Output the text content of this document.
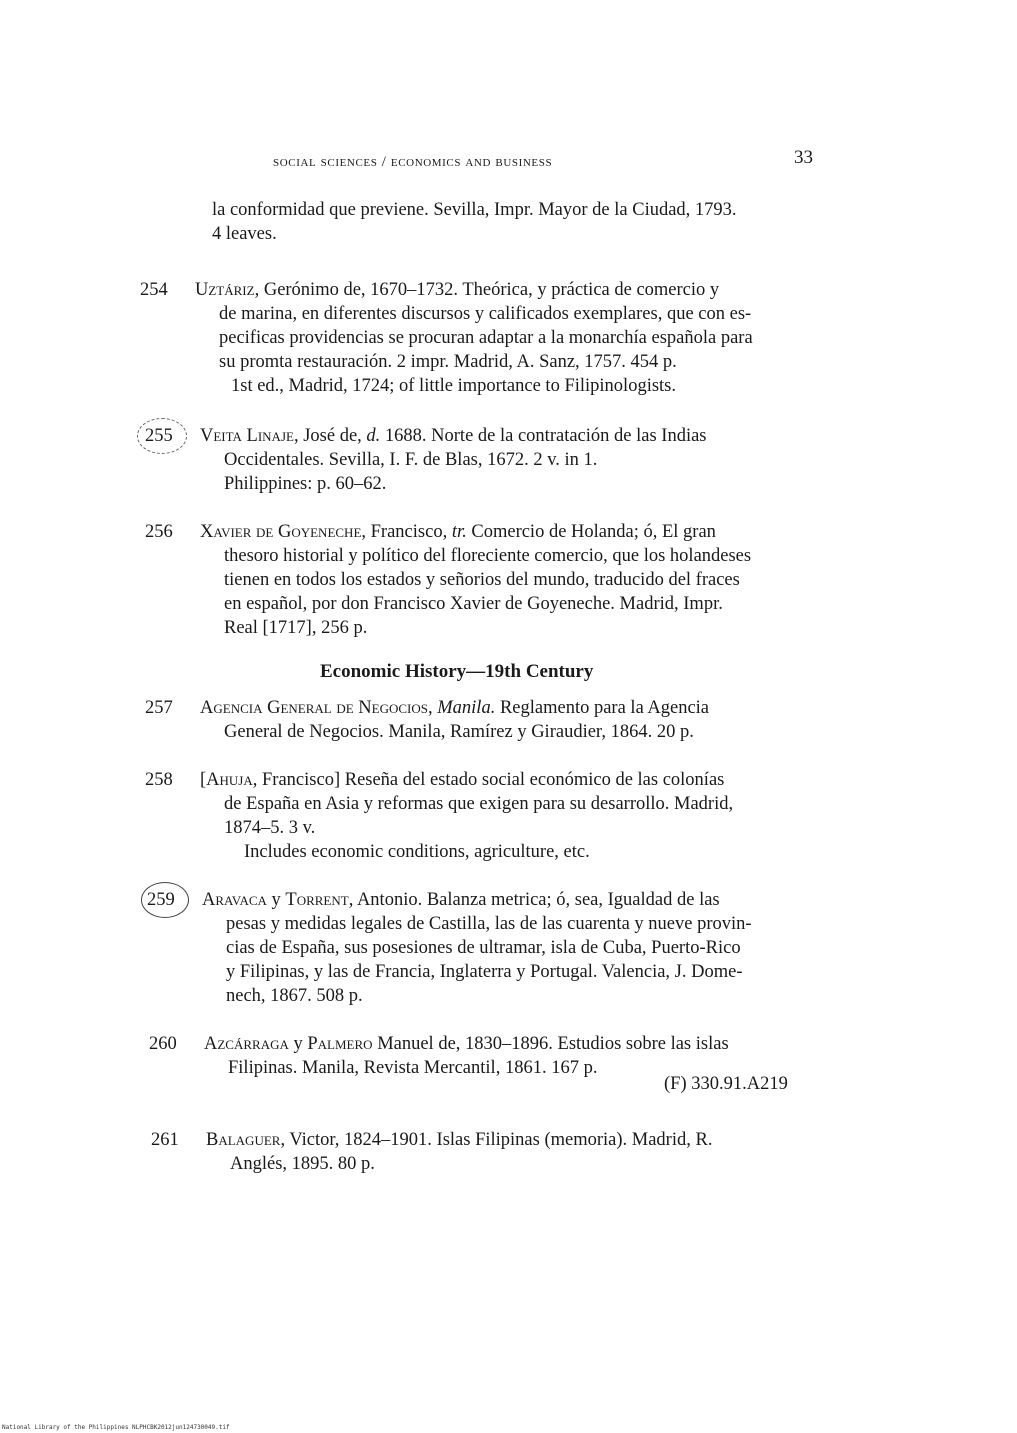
social sciences / economics and business	33
la conformidad que previene. Sevilla, Impr. Mayor de la Ciudad, 1793.
4 leaves.
254 Uztáriz, Gerónimo de, 1670–1732. Theórica, y práctica de comercio y
de marina, en diferentes discursos y calificados exemplares, que con es-
pecificas providencias se procuran adaptar a la monarchía española para
su promta restauración. 2 impr. Madrid, A. Sanz, 1757. 454 p.
1st ed., Madrid, 1724; of little importance to Filipinologists.
255 Veita Linaje, José de, d. 1688. Norte de la contratación de las Indias
Occidentales. Sevilla, I. F. de Blas, 1672. 2 v. in 1.
Philippines: p. 60–62.
256 Xavier de Goyeneche, Francisco, tr. Comercio de Holanda; ó, El gran
thesoro historial y político del floreciente comercio, que los holandeses
tienen en todos los estados y señorios del mundo, traducido del fraces
en español, por don Francisco Xavier de Goyeneche. Madrid, Impr.
Real [1717], 256 p.
Economic History—19th Century
257 Agencia General de Negocios, Manila. Reglamento para la Agencia
General de Negocios. Manila, Ramírez y Giraudier, 1864. 20 p.
258 [Ahuja, Francisco] Reseña del estado social económico de las colonías
de España en Asia y reformas que exigen para su desarrollo. Madrid,
1874–5. 3 v.
Includes economic conditions, agriculture, etc.
259 Aravaca y Torrent, Antonio. Balanza metrica; ó, sea, Igualdad de las
pesas y medidas legales de Castilla, las de las cuarenta y nueve provin-
cias de España, sus posesiones de ultramar, isla de Cuba, Puerto-Rico
y Filipinas, y las de Francia, Inglaterra y Portugal. Valencia, J. Dome-
nech, 1867. 508 p.
260 Azcárraga y Palmero Manuel de, 1830–1896. Estudios sobre las islas
Filipinas. Manila, Revista Mercantil, 1861. 167 p.
(F) 330.91.A219
261 Balaguer, Victor, 1824–1901. Islas Filipinas (memoria). Madrid, R.
Anglés, 1895. 80 p.
National Library of the Philippines NLPHCBK2012jun124730049.tif
